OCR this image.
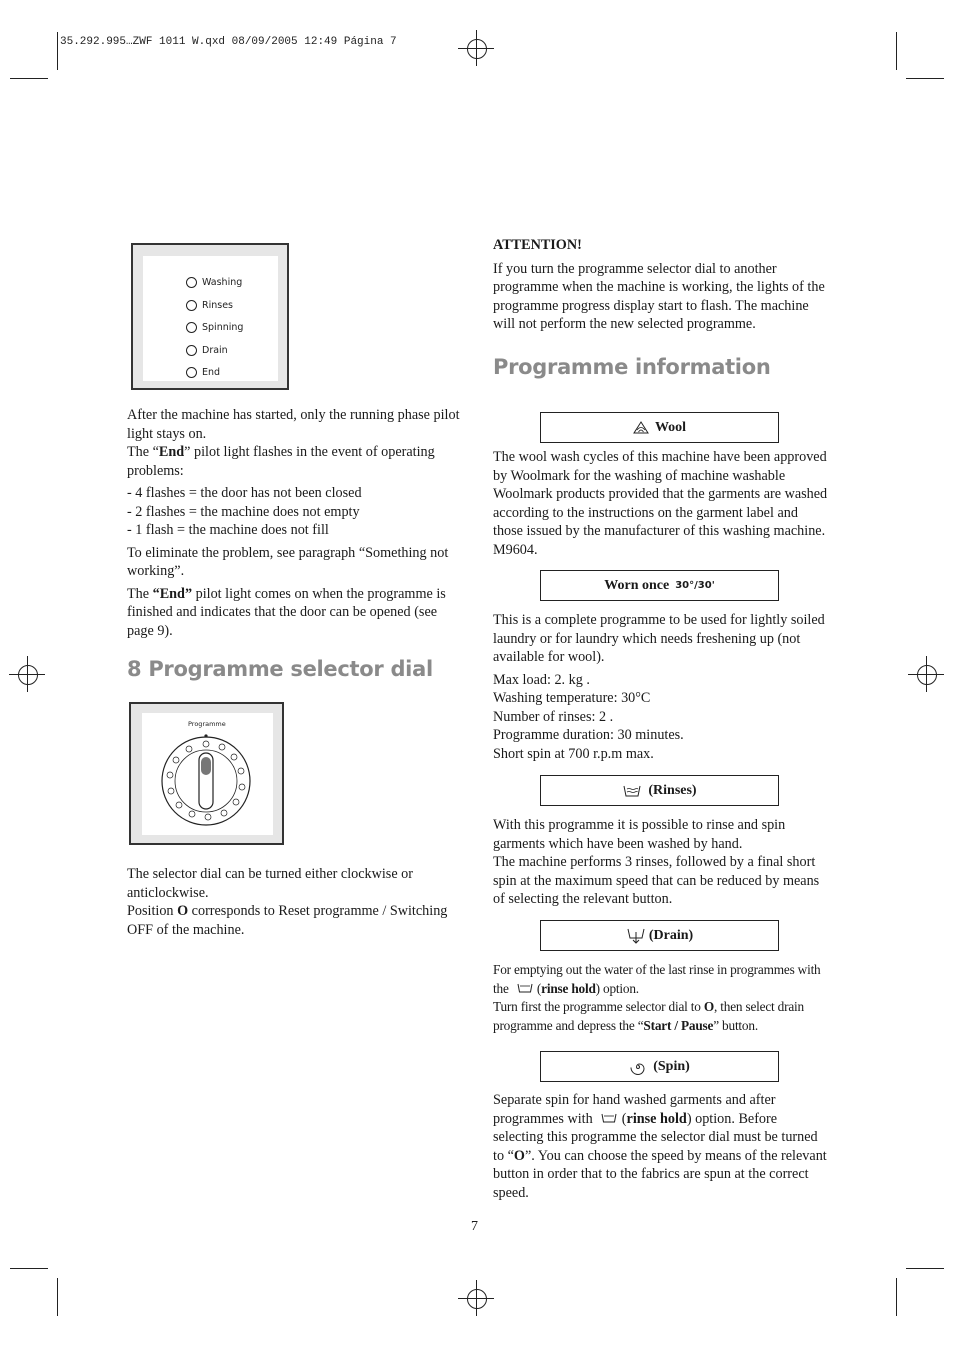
35.292.995…ZWF 1011 W.qxd 08/09/2005 12:49 Página 7
Washing
Rinses
Spinning
Drain
End

After the machine has started, only the running phase pilot light stays on.

The “End” pilot light flashes in the event of operating problems:

- 4 flashes = the door has not been closed

- 2 flashes = the machine does not empty

- 1 flash = the machine does not fill

To eliminate the problem, see paragraph “Something not working”.

The “End” pilot light comes on when the programme is finished and indicates that the door can be opened (see page 9).

8 Programme selector dial
Programme

The selector dial can be turned either clockwise or anticlockwise.

Position O corresponds to Reset programme / Switching OFF of the machine.

ATTENTION!

If you turn the programme selector dial to another programme when the machine is working, the lights of the programme progress display start to flash. The machine will not perform the new selected programme.

Programme information
Wool

The wool wash cycles of this machine have been approved by Woolmark for the washing of machine washable Woolmark products provided that the garments are washed according to the instructions on the garment label and those issued by the manufacturer of this washing machine. M9604.

Worn once 30°/30'

This is a complete programme to be used for lightly soiled laundry or for laundry which needs freshening up (not available for wool).

Max load: 2. kg .

Washing temperature: 30°C

Number of rinses: 2 .

Programme duration: 30 minutes.

Short spin at 700 r.p.m max.

(Rinses)

With this programme it is possible to rinse and spin garments which have been washed by hand.

The machine performs 3 rinses, followed by a final short spin at the maximum speed that can be reduced by means of selecting the relevant button.

(Drain)

For emptying out the water of the last rinse in programmes with the  (rinse hold) option.

Turn first the programme selector dial to O, then select drain programme and depress the “Start / Pause” button.

(Spin)

Separate spin for hand washed garments and after programmes with  (rinse hold) option. Before selecting this programme the selector dial must be turned to “O”. You can choose the speed by means of the relevant button in order that to the fabrics are spun at the correct speed.

7
